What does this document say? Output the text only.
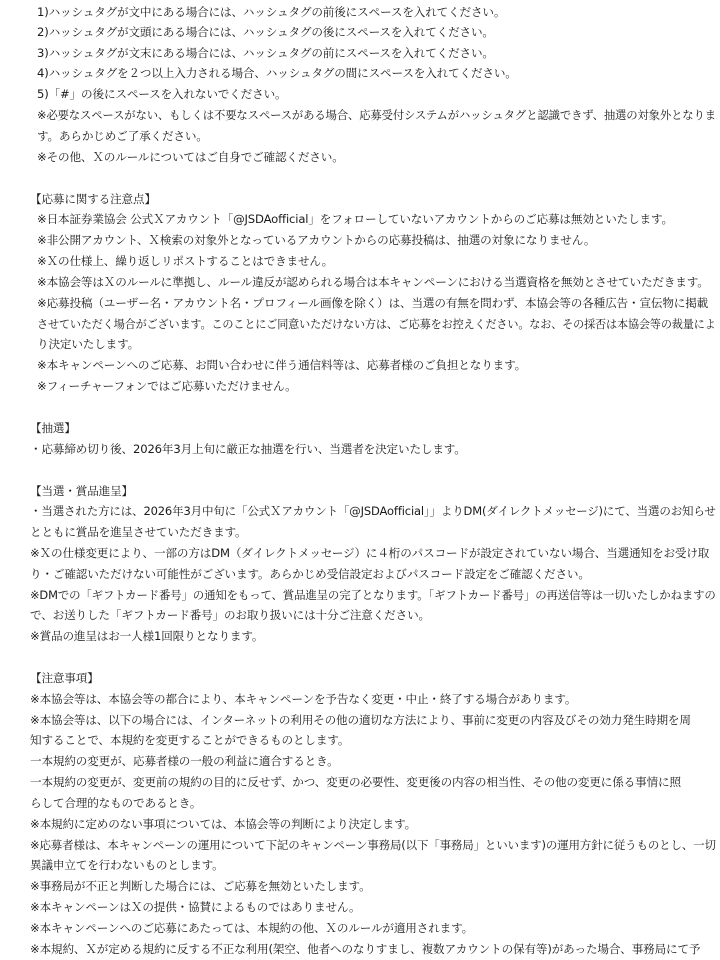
1)ハッシュタグが文中にある場合には、ハッシュタグの前後にスペースを入れてください。
2)ハッシュタグが文頭にある場合には、ハッシュタグの後にスペースを入れてください。
3)ハッシュタグが文末にある場合には、ハッシュタグの前にスペースを入れてください。
4)ハッシュタグを２つ以上入力される場合、ハッシュタグの間にスペースを入れてください。
5)「#」の後にスペースを入れないでください。
※必要なスペースがない、もしくは不要なスペースがある場合、応募受付システムがハッシュタグと認識できず、抽選の対象外となりま
す。あらかじめご了承ください。
※その他、Ｘのルールについてはご自身でご確認ください。
【応募に関する注意点】
※日本証券業協会 公式Ｘアカウント「@JSDAofficial」をフォローしていないアカウントからのご応募は無効といたします。
※非公開アカウント、Ｘ検索の対象外となっているアカウントからの応募投稿は、抽選の対象になりません。
※Ｘの仕様上、繰り返しリポストすることはできません。
※本協会等はＸのルールに準拠し、ルール違反が認められる場合は本キャンペーンにおける当選資格を無効とさせていただきます。
※応募投稿（ユーザー名・アカウント名・プロフィール画像を除く）は、当選の有無を問わず、本協会等の各種広告・宣伝物に掲載
させていただく場合がございます。このことにご同意いただけない方は、ご応募をお控えください。なお、その採否は本協会等の裁量によ
り決定いたします。
※本キャンペーンへのご応募、お問い合わせに伴う通信料等は、応募者様のご負担となります。
※フィーチャーフォンではご応募いただけません。
【抽選】
・応募締め切り後、2026年3月上旬に厳正な抽選を行い、当選者を決定いたします。
【当選・賞品進呈】
・当選された方には、2026年3月中旬に「公式Ｘアカウント「@JSDAofficial」」よりDM(ダイレクトメッセージ)にて、当選のお知らせ
とともに賞品を進呈させていただきます。
※Ｘの仕様変更により、一部の方はDM（ダイレクトメッセージ）に４桁のパスコードが設定されていない場合、当選通知をお受け取
り・ご確認いただけない可能性がございます。あらかじめ受信設定およびパスコード設定をご確認ください。
※DMでの「ギフトカード番号」の通知をもって、賞品進呈の完了となります。「ギフトカード番号」の再送信等は一切いたしかねますの
で、お送りした「ギフトカード番号」のお取り扱いには十分ご注意ください。
※賞品の進呈はお一人様1回限りとなります。
【注意事項】
※本協会等は、本協会等の都合により、本キャンペーンを予告なく変更・中止・終了する場合があります。
※本協会等は、以下の場合には、インターネットの利用その他の適切な方法により、事前に変更の内容及びその効力発生時期を周
知することで、本規約を変更することができるものとします。
一本規約の変更が、応募者様の一般の利益に適合するとき。
一本規約の変更が、変更前の規約の目的に反せず、かつ、変更の必要性、変更後の内容の相当性、その他の変更に係る事情に照
らして合理的なものであるとき。
※本規約に定めのない事項については、本協会等の判断により決定します。
※応募者様は、本キャンペーンの運用について下記のキャンペーン事務局(以下「事務局」といいます)の運用方針に従うものとし、一切
異議申立てを行わないものとします。
※事務局が不正と判断した場合には、ご応募を無効といたします。
※本キャンペーンはＸの提供・協賛によるものではありません。
※本キャンペーンへのご応募にあたっては、本規約の他、Ｘのルールが適用されます。
※本規約、Ｘが定める規約に反する不正な利用(架空、他者へのなりすまし、複数アカウントの保有等)があった場合、事務局にて予
